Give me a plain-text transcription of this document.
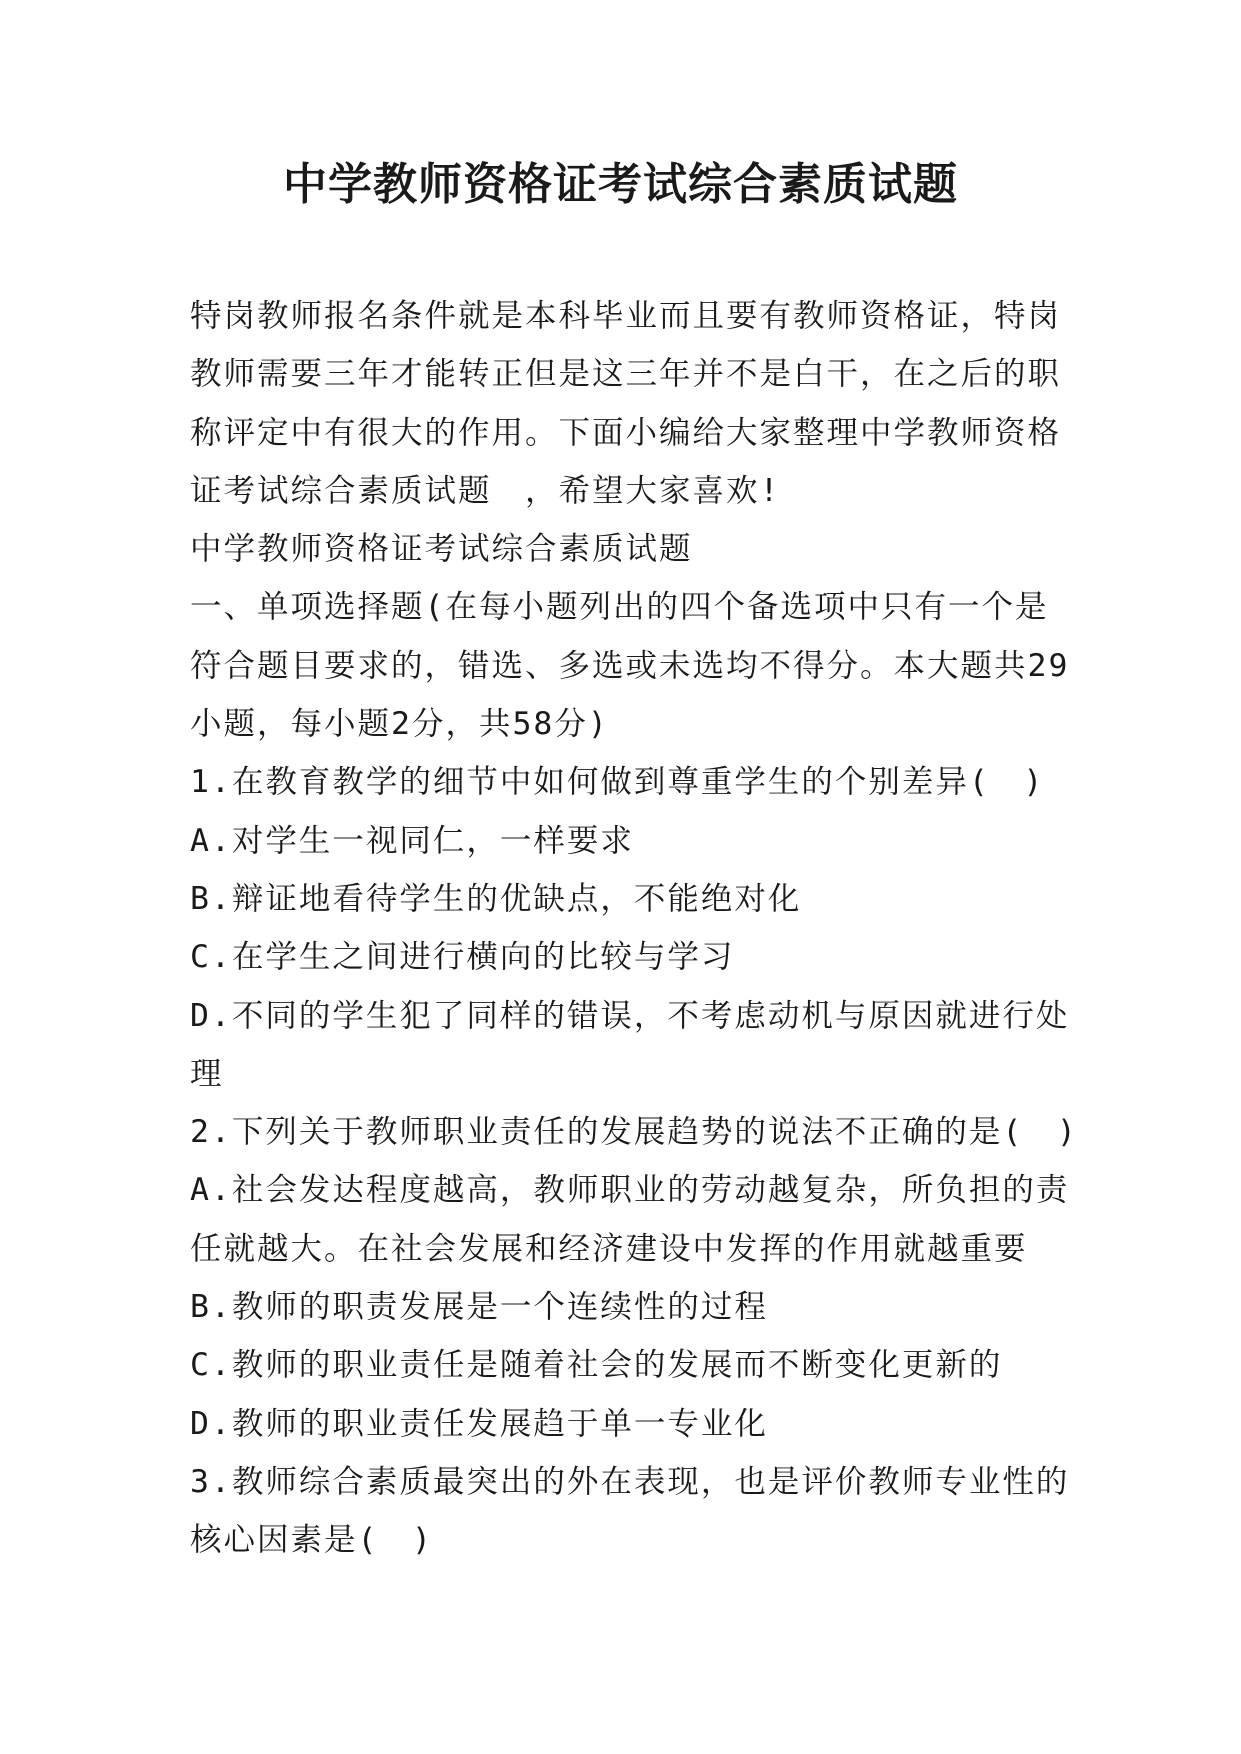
中学教师资格证考试综合素质试题
特岗教师报名条件就是本科毕业而且要有教师资格证，特岗
教师需要三年才能转正但是这三年并不是白干，在之后的职
称评定中有很大的作用。下面小编给大家整理中学教师资格
证考试综合素质试题　，希望大家喜欢!
中学教师资格证考试综合素质试题
一、单项选择题(在每小题列出的四个备选项中只有一个是
符合题目要求的，错选、多选或未选均不得分。本大题共29
小题，每小题2分，共58分)
1.在教育教学的细节中如何做到尊重学生的个别差异(　)
A.对学生一视同仁，一样要求
B.辩证地看待学生的优缺点，不能绝对化
C.在学生之间进行横向的比较与学习
D.不同的学生犯了同样的错误，不考虑动机与原因就进行处
理
2.下列关于教师职业责任的发展趋势的说法不正确的是(　)
A.社会发达程度越高，教师职业的劳动越复杂，所负担的责
任就越大。在社会发展和经济建设中发挥的作用就越重要
B.教师的职责发展是一个连续性的过程
C.教师的职业责任是随着社会的发展而不断变化更新的
D.教师的职业责任发展趋于单一专业化
3.教师综合素质最突出的外在表现，也是评价教师专业性的
核心因素是(　)
